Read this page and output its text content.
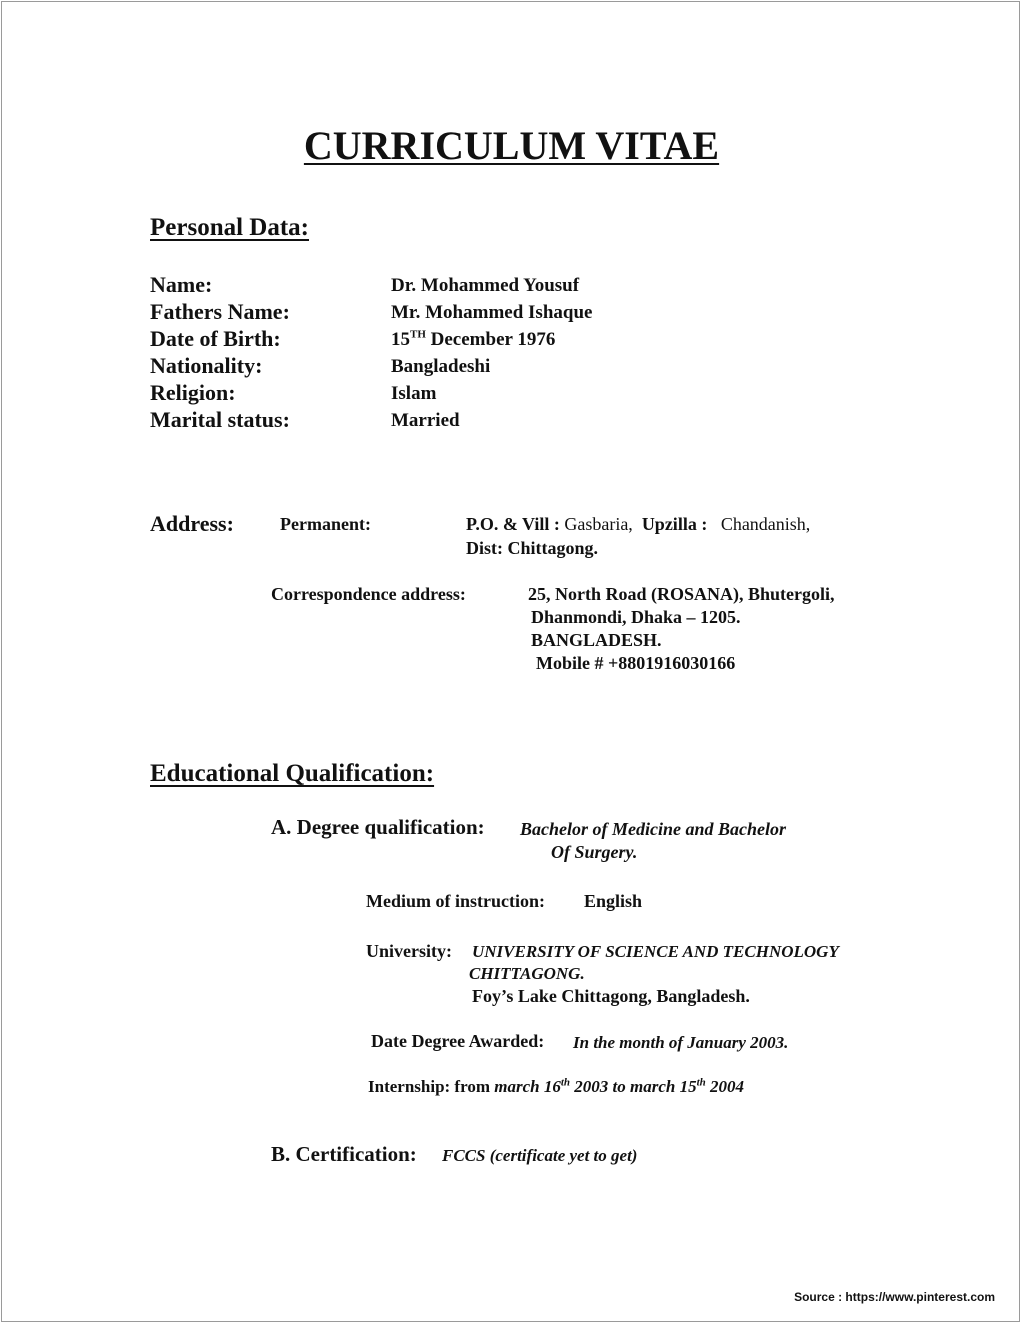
CURRICULUM VITAE
Personal Data:
Name:	Dr. Mohammed Yousuf
Fathers Name:	Mr. Mohammed Ishaque
Date of Birth:	15TH December 1976
Nationality:	Bangladeshi
Religion:	Islam
Marital status:	Married
Address:	Permanent:	P.O. & Vill : Gasbaria, Upzilla : Chandanish,
Dist: Chittagong.
Correspondence address:	25, North Road (ROSANA), Bhutergoli,
Dhanmondi, Dhaka – 1205.
BANGLADESH.
Mobile # +8801916030166
Educational Qualification:
A. Degree qualification: Bachelor of Medicine and Bachelor
Of Surgery.
Medium of instruction: English
University: UNIVERSITY OF SCIENCE AND TECHNOLOGY
CHITTAGONG.
Foy’s Lake Chittagong, Bangladesh.
Date Degree Awarded: In the month of January 2003.
Internship: from march 16th 2003 to march 15th 2004
B. Certification: FCCS (certificate yet to get)
Source : https://www.pinterest.com
